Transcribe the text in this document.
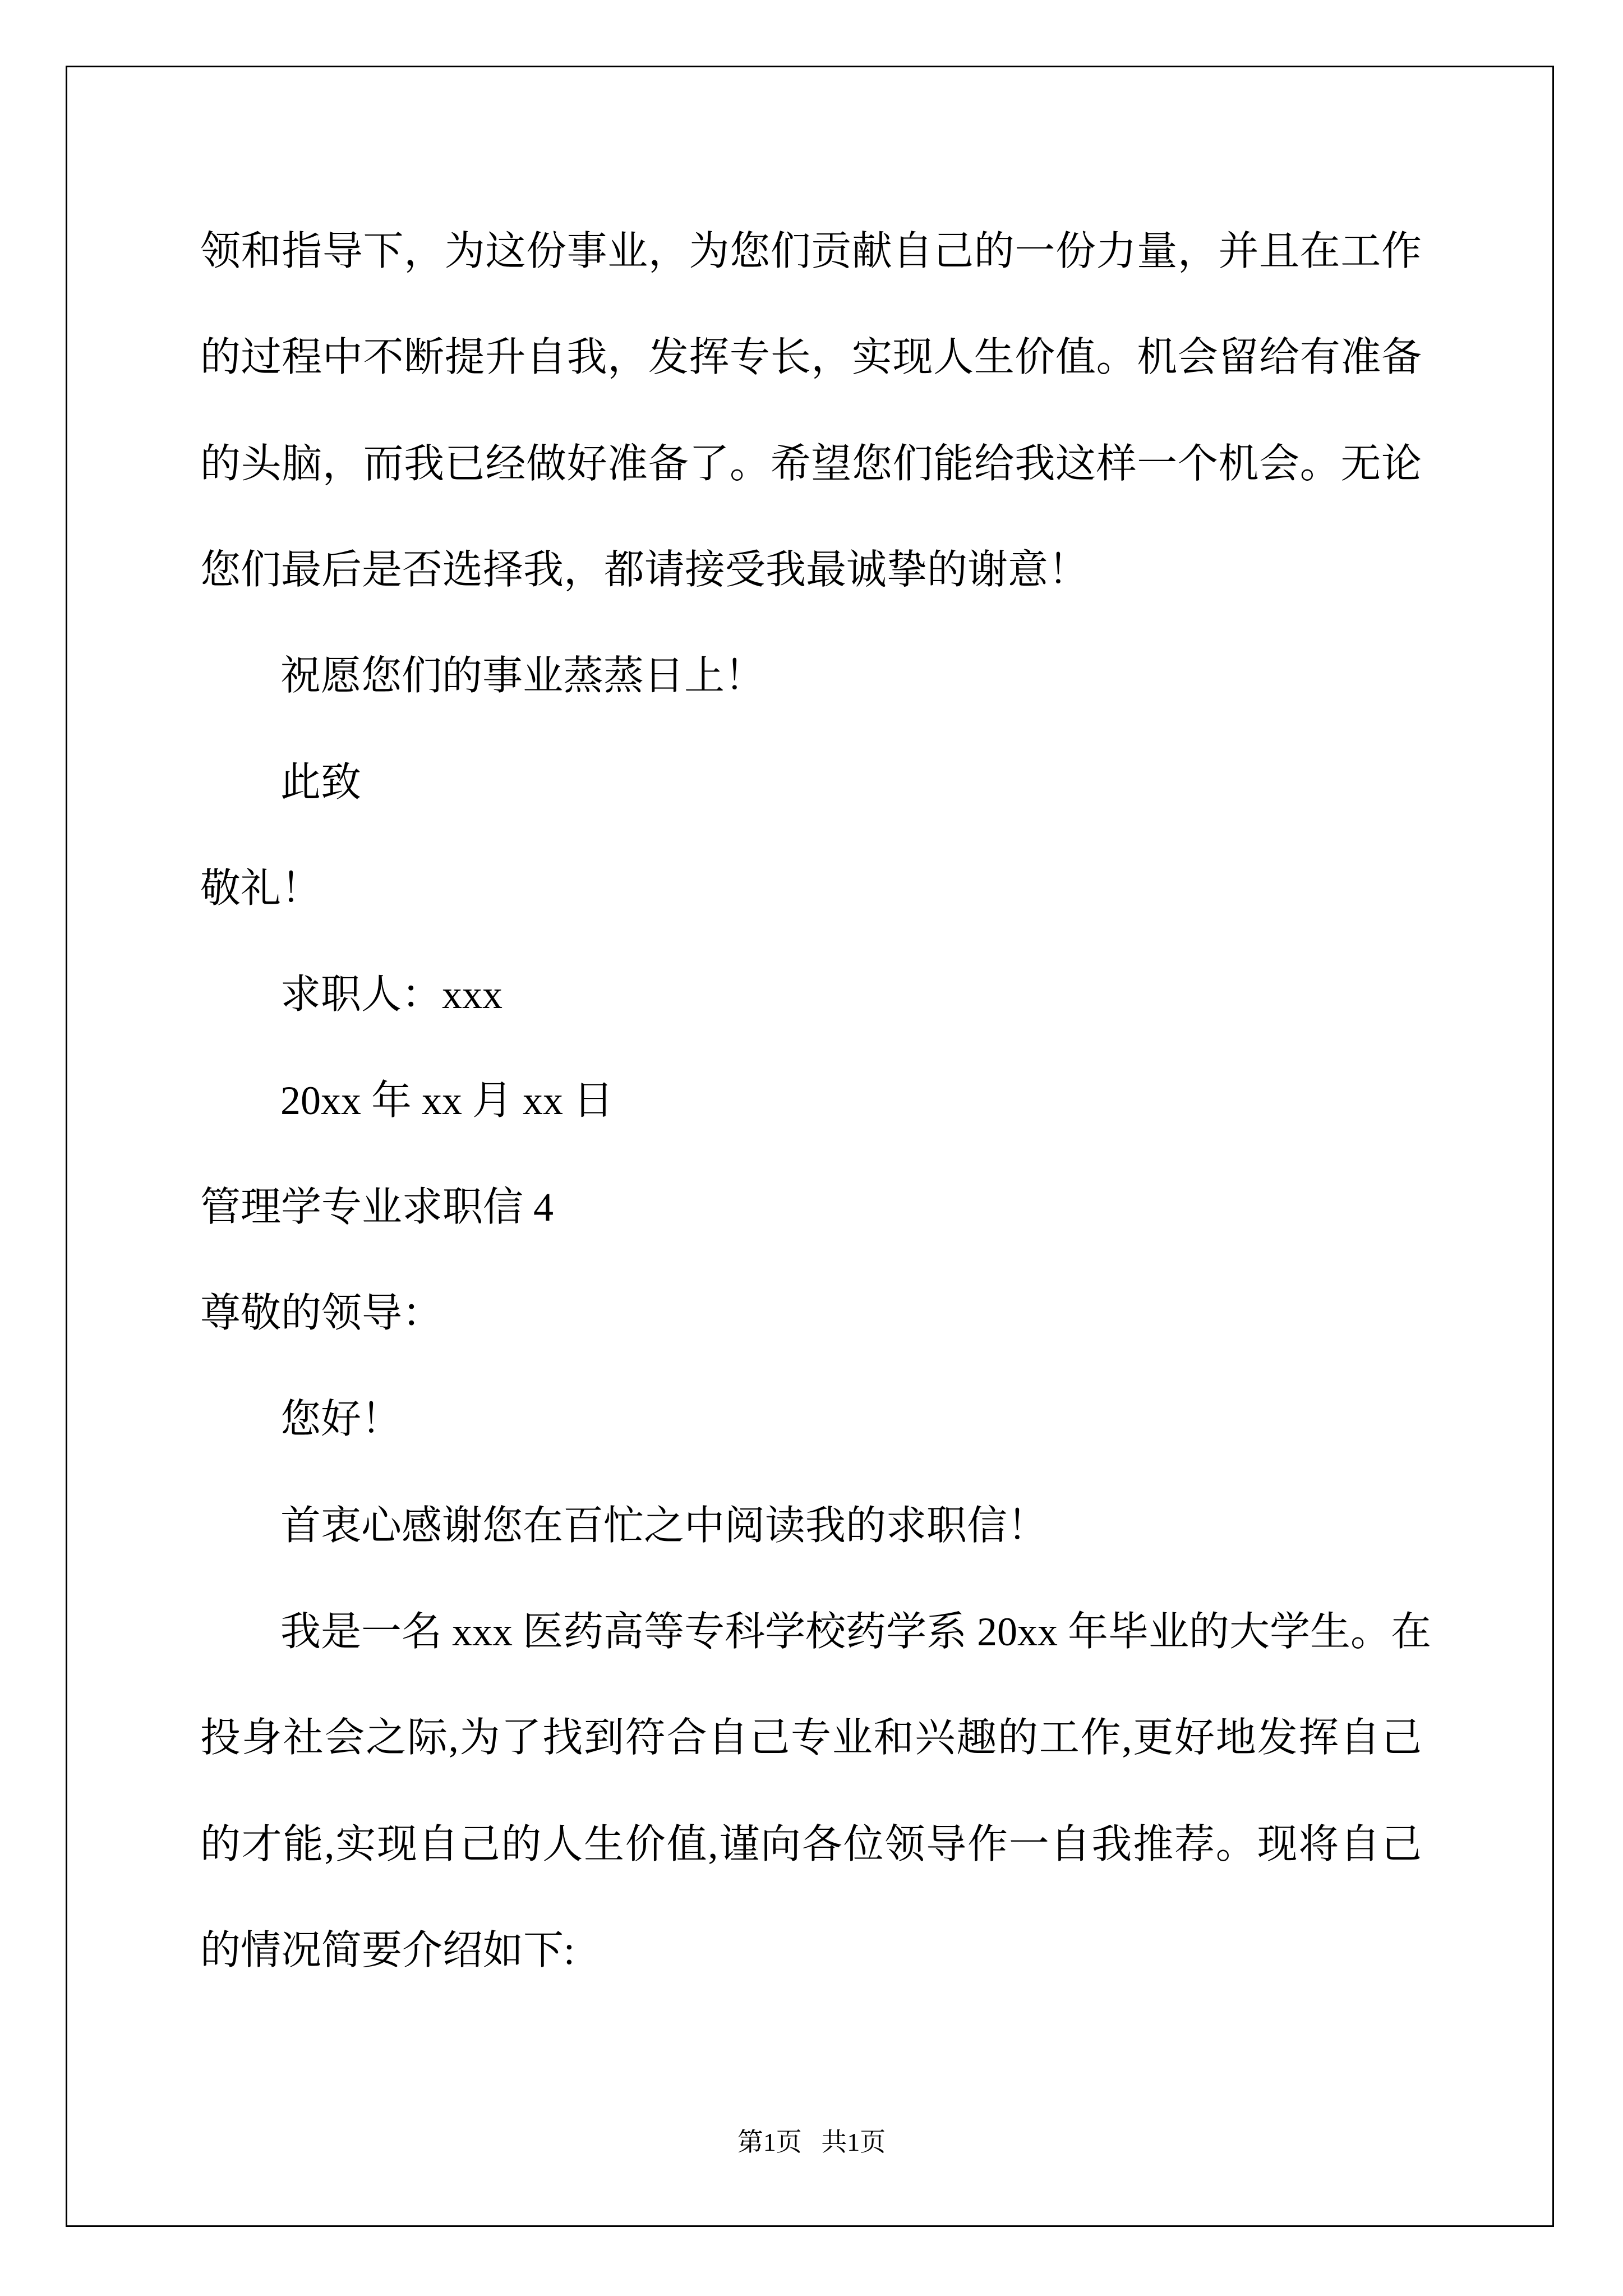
领和指导下，为这份事业，为您们贡献自己的一份力量，并且在工作
的过程中不断提升自我，发挥专长，实现人生价值。机会留给有准备
的头脑，而我已经做好准备了。希望您们能给我这样一个机会。无论
您们最后是否选择我，都请接受我最诚挚的谢意！
祝愿您们的事业蒸蒸日上！
此致
敬礼！
求职人：xxx
20xx 年 xx 月 xx 日
管理学专业求职信 4
尊敬的领导：
您好！
首衷心感谢您在百忙之中阅读我的求职信！
我是一名 xxx 医药高等专科学校药学系 20xx 年毕业的大学生。在
投身社会之际,为了找到符合自己专业和兴趣的工作,更好地发挥自己
的才能,实现自己的人生价值,谨向各位领导作一自我推荐。现将自己
的情况简要介绍如下:
第1页   共1页
